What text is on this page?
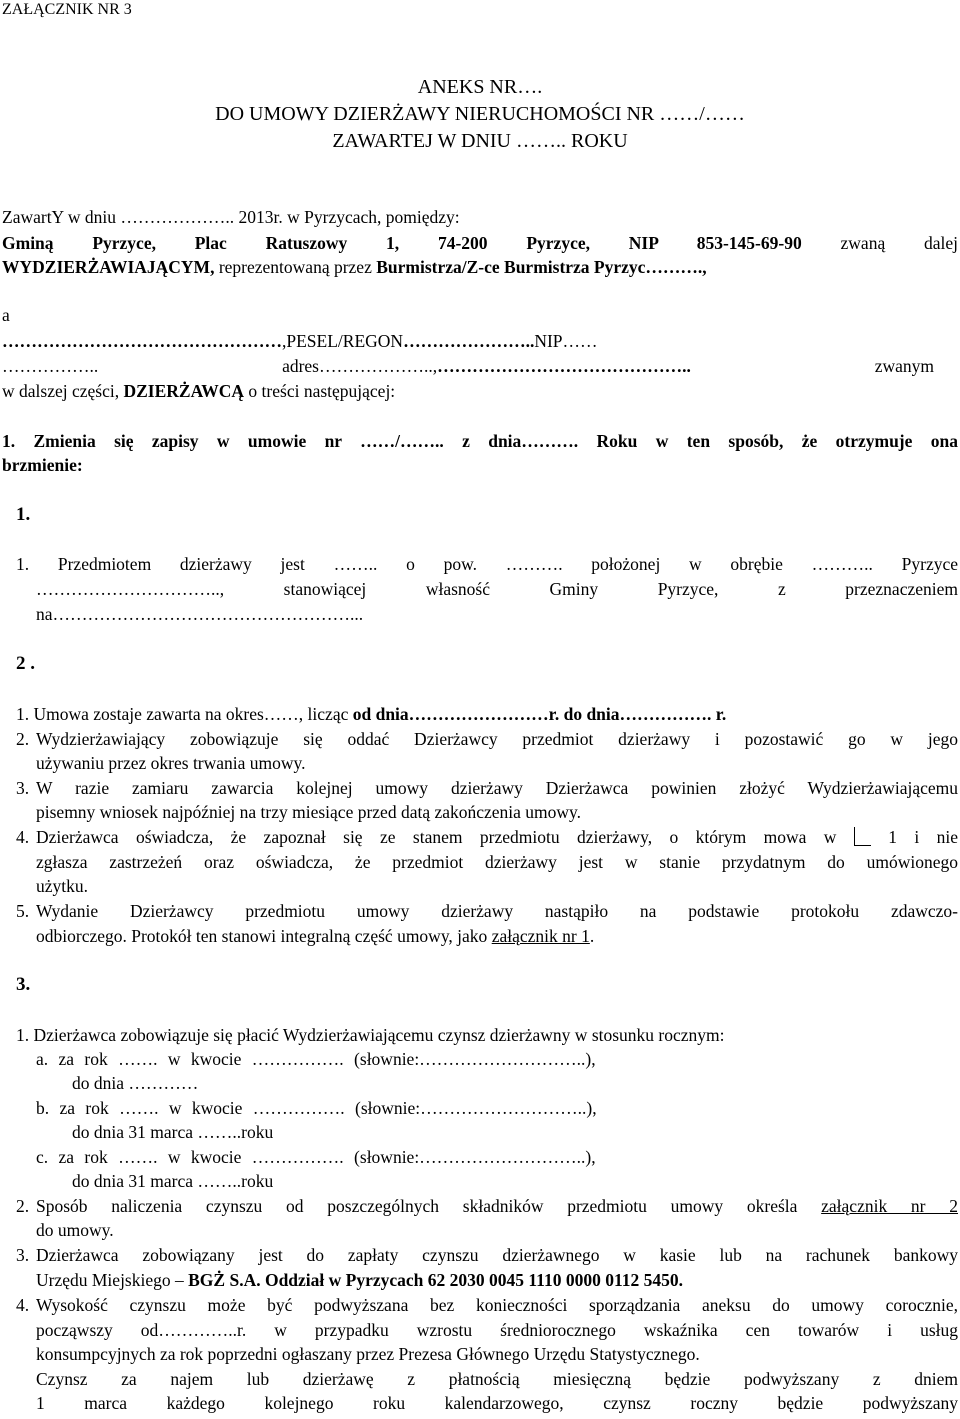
ZAŁĄCZNIK NR 3
ANEKS NR….
DO UMOWY DZIERŻAWY NIERUCHOMOŚCI NR ……/……
ZAWARTEJ W DNIU …….. ROKU
ZawartY w dniu ……………….. 2013r. w Pyrzycach, pomiędzy:
Gminą Pyrzyce, Plac Ratuszowy 1, 74-200 Pyrzyce, NIP 853-145-69-90 zwaną dalej
WYDZIERŻAWIAJĄCYM, reprezentowaną przez Burmistrza/Z-ce Burmistrza Pyrzyc……….,
a
…………………………………………,PESEL/REGON…………………..NIP……
…………….. adres………………..,…………………………………….. zwanym
w dalszej części, DZIERŻAWCĄ o treści następującej:
1. Zmienia się zapisy w umowie nr ……/…….. z dnia………. Roku w ten sposób, że otrzymuje ona
brzmienie:
1.
1. Przedmiotem dzierżawy jest …….. o pow. ………. położonej w obrębie ……….. Pyrzyce
………………………….., stanowiącej własność Gminy Pyrzyce, z przeznaczeniem
na……………………………………………...
2 .
1. Umowa zostaje zawarta na okres……, licząc od dnia……………………r. do dnia……………. r.
2. Wydzierżawiający zobowiązuje się oddać Dzierżawcy przedmiot dzierżawy i pozostawić go w jego
używaniu przez okres trwania umowy.
3. W razie zamiaru zawarcia kolejnej umowy dzierżawy Dzierżawca powinien złożyć Wydzierżawiającemu
pisemny wniosek najpóźniej na trzy miesiące przed datą zakończenia umowy.
4. Dzierżawca oświadcza, że zapoznał się ze stanem przedmiotu dzierżawy, o którym mowa w	1 i nie
zgłasza zastrzeżeń oraz oświadcza, że przedmiot dzierżawy jest w stanie przydatnym do umówionego
użytku.
5. Wydanie Dzierżawcy przedmiotu umowy dzierżawy nastąpiło na podstawie protokołu zdawczo-
odbiorczego. Protokół ten stanowi integralną część umowy, jako załącznik nr 1.
3.
1. Dzierżawca zobowiązuje się płacić Wydzierżawiającemu czynsz dzierżawny w stosunku rocznym:
a. za rok ……. w kwocie ……………. (słownie:………………………..),
do dnia …………
b. za rok ……. w kwocie ……………. (słownie:………………………..),
do dnia 31 marca ……..roku
c. za rok ……. w kwocie ……………. (słownie:………………………..),
do dnia 31 marca ……..roku
2. Sposób naliczenia czynszu od poszczególnych składników przedmiotu umowy określa załącznik nr 2
do umowy.
3. Dzierżawca zobowiązany jest do zapłaty czynszu dzierżawnego w kasie lub na rachunek bankowy
Urzędu Miejskiego – BGŻ S.A. Oddział w Pyrzycach 62 2030 0045 1110 0000 0112 5450.
4. Wysokość czynszu może być podwyższana bez konieczności sporządzania aneksu do umowy corocznie,
począwszy od…………..r. w przypadku wzrostu średniorocznego wskaźnika cen towarów i usług
konsumpcyjnych za rok poprzedni ogłaszany przez Prezesa Głównego Urzędu Statystycznego.
Czynsz za najem lub dzierżawę z płatnością miesięczną będzie podwyższany z dniem
1 marca każdego kolejnego roku kalendarzowego, czynsz roczny będzie podwyższany
